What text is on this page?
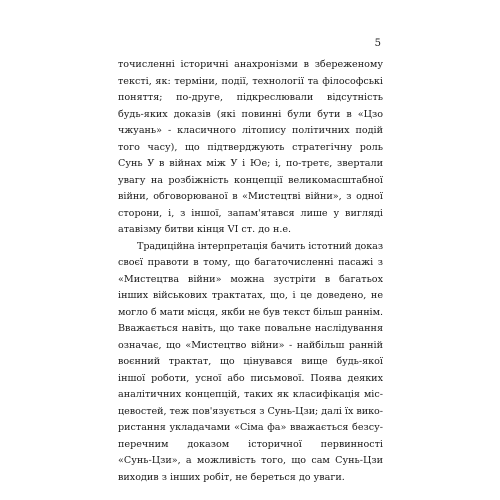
5
точисленні історичні анахронізми в збереженому
тексті, як: терміни, події, технології та філософські
поняття; по-друге, підкреслювали відсутність
будь-яких доказів (які повинні були бути в «Цзо
чжуань» - класичного літопису політичних подій
того часу), що підтверджують стратегічну роль
Сунь У в війнах між У і Юе; і, по-третє, звертали
увагу на розбіжність концепції великомасштабної
війни, обговорюваної в «Мистецтві війни», з одної
сторони, і, з іншої, запам'ятався лише у вигляді
атавізму битви кінця VI ст. до н.е.
Традиційна інтерпретація бачить істотний доказ
своєї правоти в тому, що багаточисленні пасажі з
«Мистецтва війни» можна зустріти в багатьох
інших військових трактатах, що, і це доведено, не
могло б мати місця, якби не був текст більш раннім.
Вважається навіть, що таке повальне наслідування
означає, що «Мистецтво війни» - найбільш ранній
воєнний трактат, що цінувався вище будь-якої
іншої роботи, усної або письмової. Поява деяких
аналітичних концепцій, таких як класифікація міс-
цевостей, теж пов'язується з Сунь-Цзи; далі їх вико-
ристання укладачами «Сіма фа» вважається безсу-
перечним доказом історичної первинності
«Сунь-Цзи», а можливість того, що сам Сунь-Цзи
виходив з інших робіт, не береться до уваги.
